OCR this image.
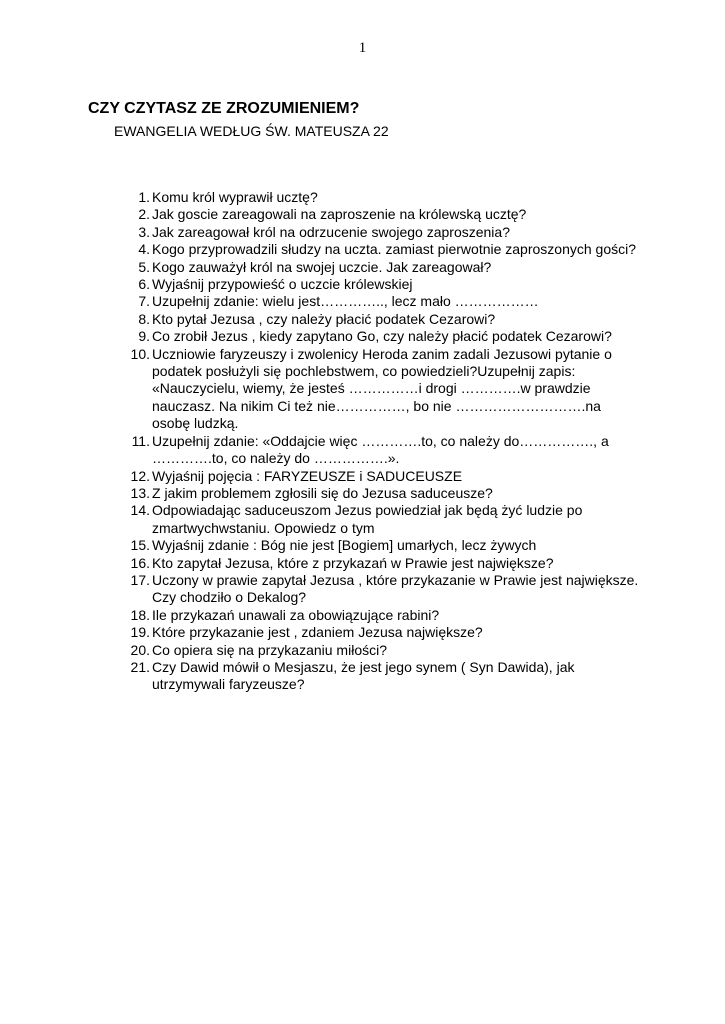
1
CZY CZYTASZ ZE ZROZUMIENIEM?
EWANGELIA WEDŁUG ŚW. MATEUSZA 22
1. Komu król wyprawił ucztę?
2. Jak goscie zareagowali na zaproszenie na królewską ucztę?
3. Jak zareagował król na odrzucenie swojego zaproszenia?
4. Kogo przyprowadzili słudzy na uczta. zamiast pierwotnie zaproszonych gości?
5. Kogo zauważył król na swojej uczcie. Jak zareagował?
6. Wyjaśnij przypowieść o uczcie królewskiej
7. Uzupełnij zdanie: wielu jest………….., lecz mało ………………
8. Kto pytał Jezusa , czy należy płacić podatek Cezarowi?
9. Co zrobił Jezus , kiedy zapytano Go, czy należy płacić podatek Cezarowi?
10. Uczniowie faryzeuszy i zwolenicy Heroda zanim zadali Jezusowi pytanie o podatek posłużyli się pochlebstwem, co powiedzieli?Uzupełnij zapis: «Nauczycielu, wiemy, że jesteś ……………i drogi ………….w prawdzie nauczasz. Na nikim Ci też nie……………, bo nie ……………………….na osobę ludzką.
11. Uzupełnij zdanie: «Oddajcie więc ………….to, co należy do……………., a ………….to, co należy do …………….».
12. Wyjaśnij pojęcia : FARYZEUSZE i SADUCEUSZE
13. Z jakim problemem zgłosili się do Jezusa saduceusze?
14. Odpowiadając saduceuszom Jezus powiedział jak będą żyć ludzie po zmartwychwstaniu. Opowiedz o tym
15. Wyjaśnij zdanie : Bóg nie jest [Bogiem] umarłych, lecz żywych
16. Kto zapytał Jezusa, które z przykazań w Prawie jest największe?
17. Uczony w prawie zapytał Jezusa , które przykazanie w Prawie jest największe. Czy chodziło o Dekalog?
18. Ile przykazań unawali za obowiązujące rabini?
19. Które przykazanie jest , zdaniem Jezusa największe?
20. Co opiera się na przykazaniu miłości?
21. Czy Dawid mówił o Mesjaszu, że jest jego synem ( Syn Dawida), jak utrzymywali faryzeusze?
